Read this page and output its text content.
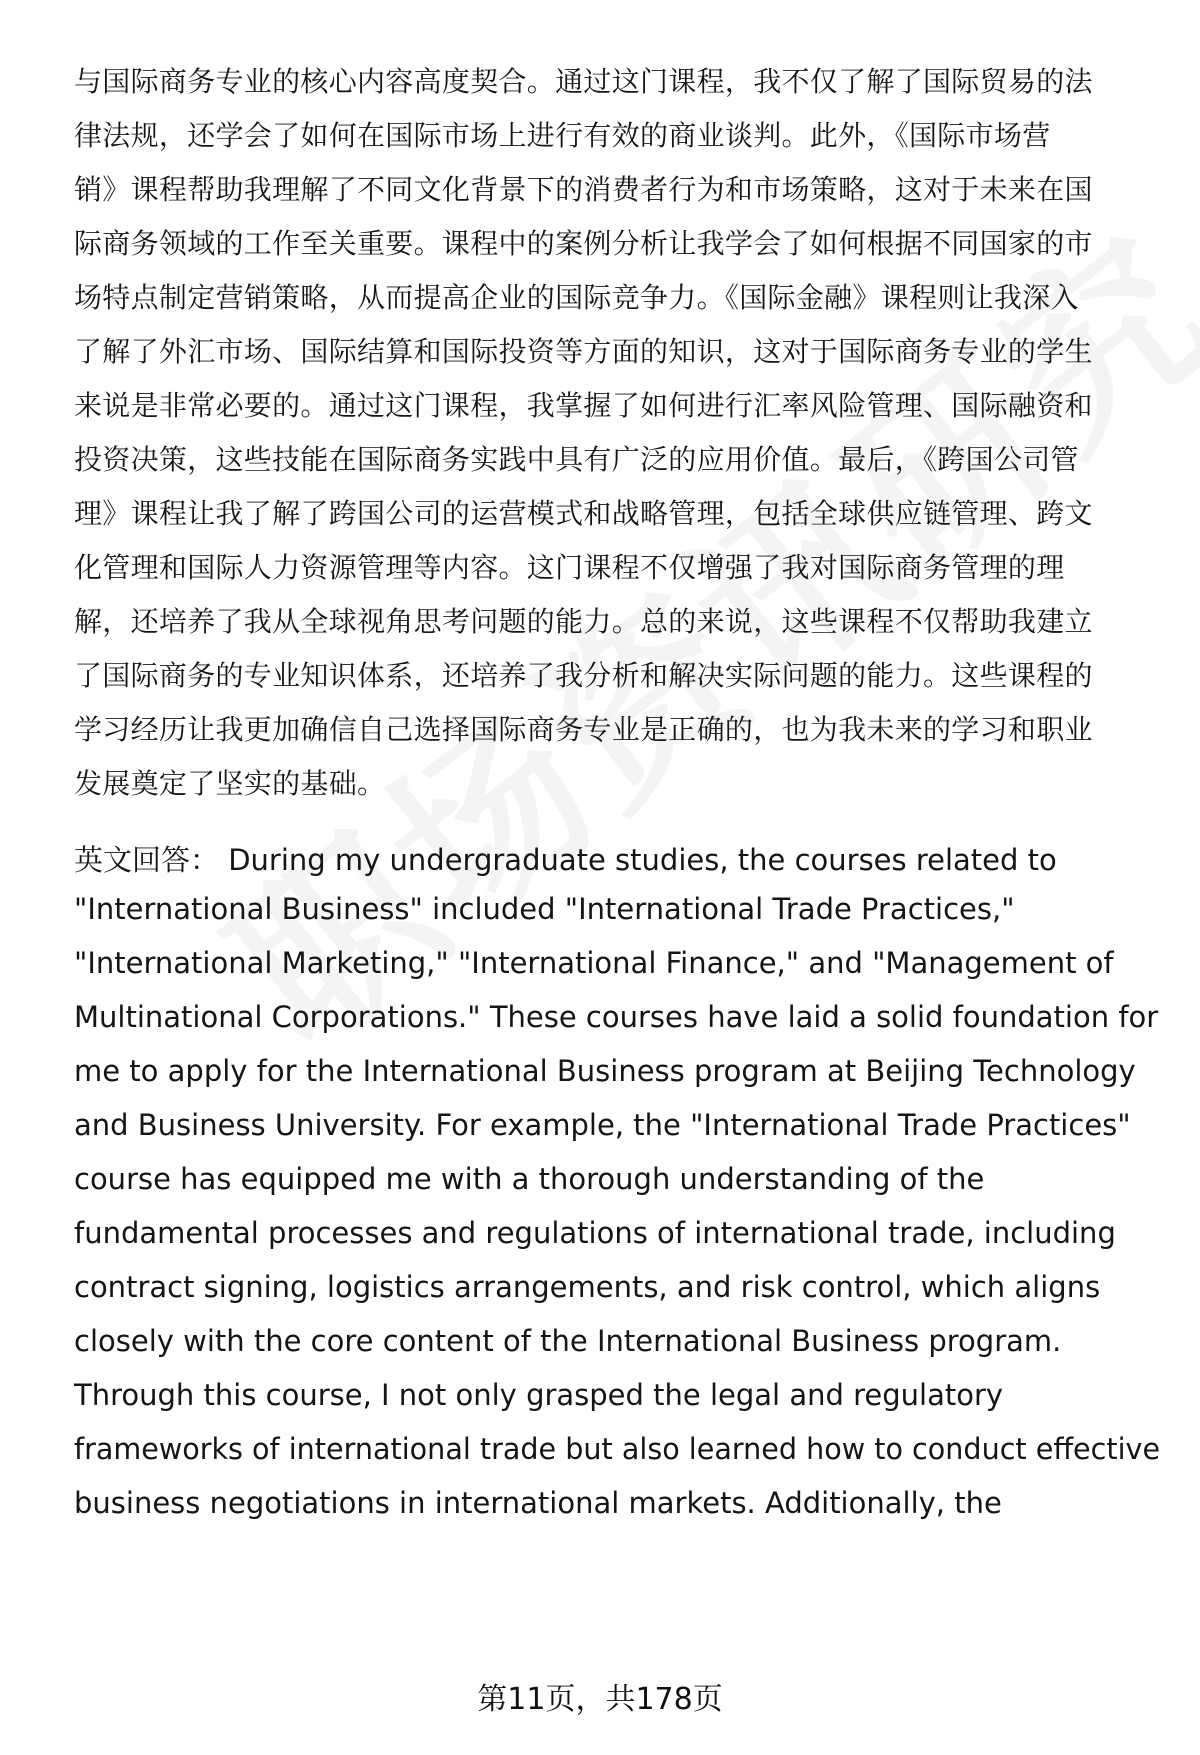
与国际商务专业的核心内容高度契合。通过这门课程，我不仅了解了国际贸易的法
律法规，还学会了如何在国际市场上进行有效的商业谈判。此外，《国际市场营
销》课程帮助我理解了不同文化背景下的消费者行为和市场策略，这对于未来在国
际商务领域的工作至关重要。课程中的案例分析让我学会了如何根据不同国家的市
场特点制定营销策略，从而提高企业的国际竞争力。《国际金融》课程则让我深入
了解了外汇市场、国际结算和国际投资等方面的知识，这对于国际商务专业的学生
来说是非常必要的。通过这门课程，我掌握了如何进行汇率风险管理、国际融资和
投资决策，这些技能在国际商务实践中具有广泛的应用价值。最后，《跨国公司管
理》课程让我了解了跨国公司的运营模式和战略管理，包括全球供应链管理、跨文
化管理和国际人力资源管理等内容。这门课程不仅增强了我对国际商务管理的理
解，还培养了我从全球视角思考问题的能力。总的来说，这些课程不仅帮助我建立
了国际商务的专业知识体系，还培养了我分析和解决实际问题的能力。这些课程的
学习经历让我更加确信自己选择国际商务专业是正确的，也为我未来的学习和职业
发展奠定了坚实的基础。
英文回答： During my undergraduate studies, the courses related to
"International Business" included "International Trade Practices,"
"International Marketing," "International Finance," and "Management of
Multinational Corporations." These courses have laid a solid foundation for
me to apply for the International Business program at Beijing Technology
and Business University. For example, the "International Trade Practices"
course has equipped me with a thorough understanding of the
fundamental processes and regulations of international trade, including
contract signing, logistics arrangements, and risk control, which aligns
closely with the core content of the International Business program.
Through this course, I not only grasped the legal and regulatory
frameworks of international trade but also learned how to conduct effective
business negotiations in international markets. Additionally, the
第11页，共178页
